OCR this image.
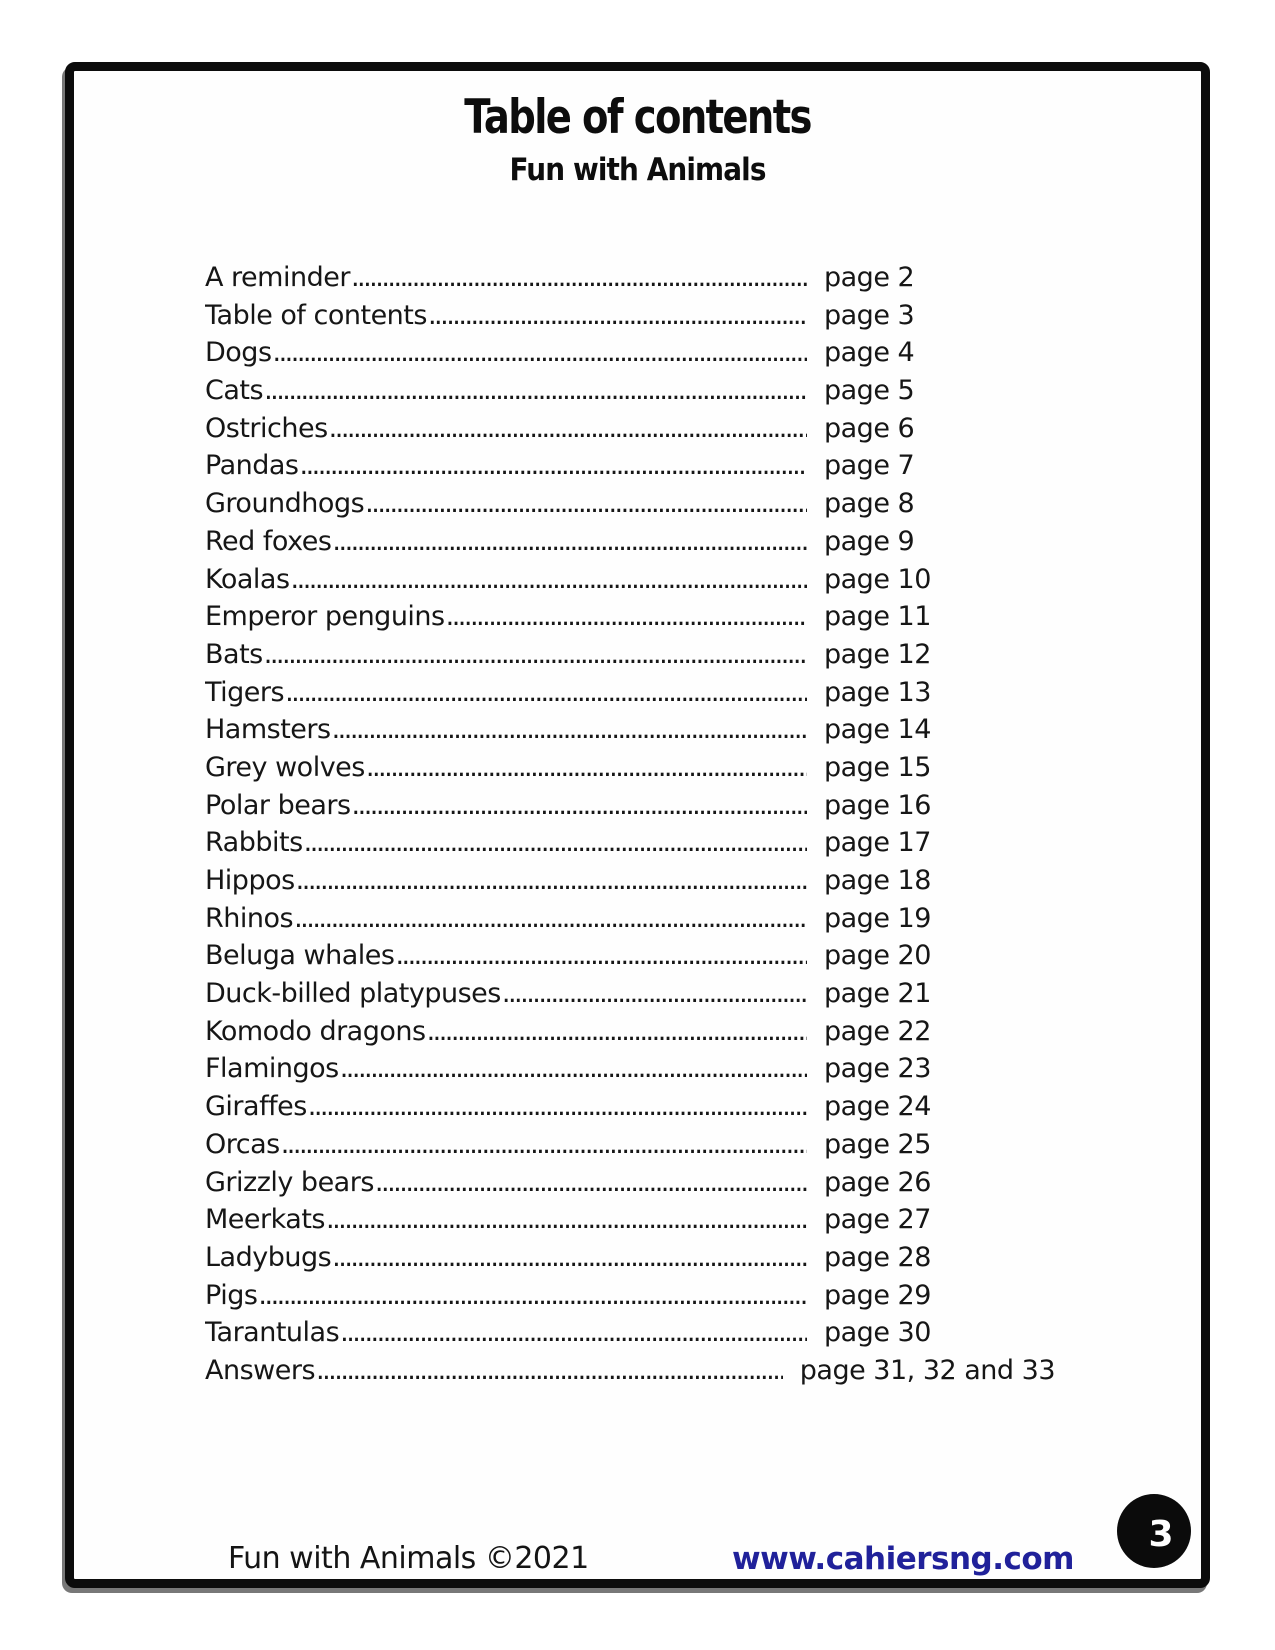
Table of contents
Fun with Animals
A reminder .....	page 2
Table of contents .....	page 3
Dogs .....	page 4
Cats .....	page 5
Ostriches .....	page 6
Pandas .....	page 7
Groundhogs .....	page 8
Red foxes .....	page 9
Koalas .....	page 10
Emperor penguins .....	page 11
Bats .....	page 12
Tigers .....	page 13
Hamsters .....	page 14
Grey wolves .....	page 15
Polar bears .....	page 16
Rabbits .....	page 17
Hippos .....	page 18
Rhinos .....	page 19
Beluga whales .....	page 20
Duck-billed platypuses .....	page 21
Komodo dragons .....	page 22
Flamingos .....	page 23
Giraffes .....	page 24
Orcas .....	page 25
Grizzly bears .....	page 26
Meerkats .....	page 27
Ladybugs .....	page 28
Pigs .....	page 29
Tarantulas .....	page 30
Answers .....	page 31, 32 and 33
Fun with Animals ©2021	www.cahiersng.com
3
